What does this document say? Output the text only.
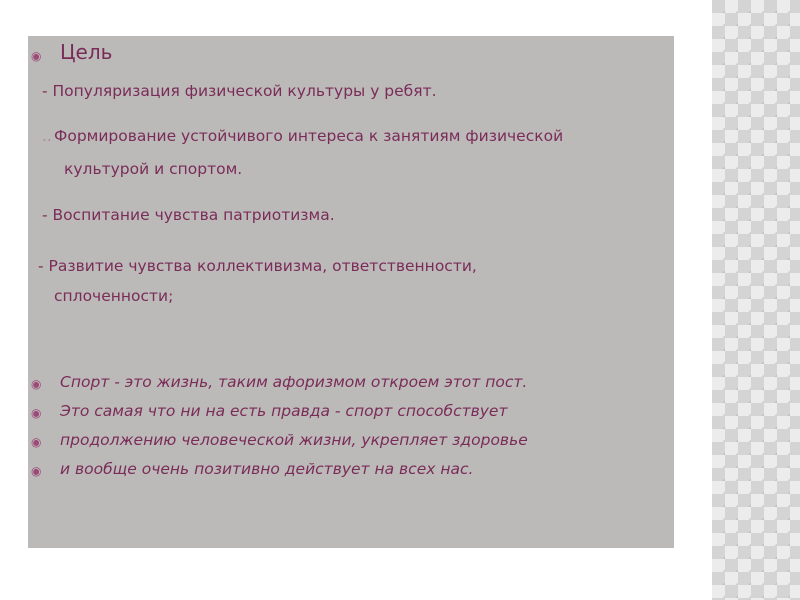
◉ Цель
- Популяризация физической культуры у ребят.
.. Формирование устойчивого интереса к занятиям физической
культурой и спортом.
- Воспитание чувства патриотизма.
- Развитие чувства коллективизма, ответственности,
сплоченности;
◉ Спорт - это жизнь, таким афоризмом откроем этот пост.
◉ Это самая что ни на есть правда - спорт способствует
◉ продолжению человеческой жизни, укрепляет здоровье
◉ и вообще очень позитивно действует на всех нас.
